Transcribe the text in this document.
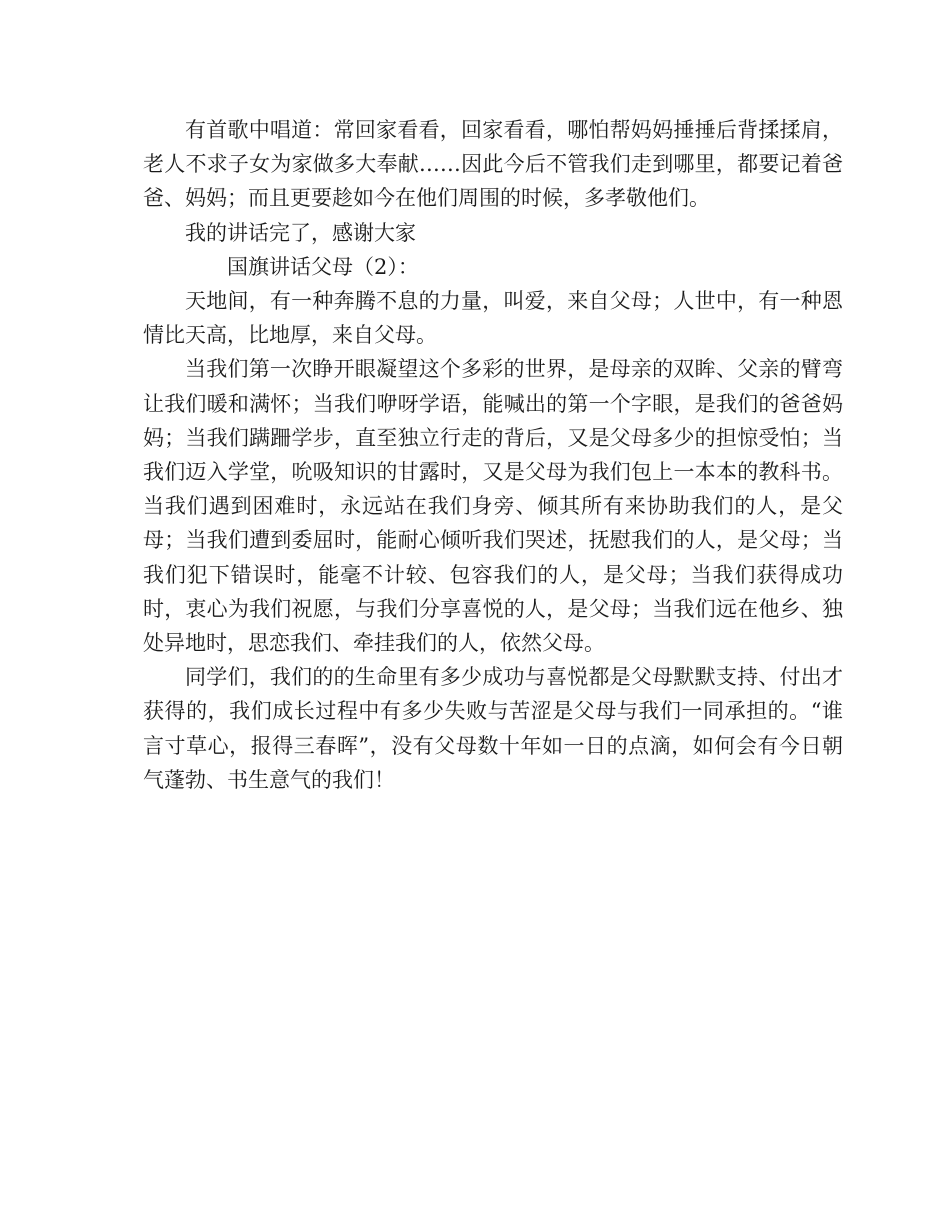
有首歌中唱道：常回家看看，回家看看，哪怕帮妈妈捶捶后背揉揉肩，老人不求子女为家做多大奉献……因此今后不管我们走到哪里，都要记着爸爸、妈妈；而且更要趁如今在他们周围的时候，多孝敬他们。

我的讲话完了，感谢大家

国旗讲话父母（2）：

天地间，有一种奔腾不息的力量，叫爱，来自父母；人世中，有一种恩情比天高，比地厚，来自父母。

当我们第一次睁开眼凝望这个多彩的世界，是母亲的双眸、父亲的臂弯让我们暖和满怀；当我们咿呀学语，能喊出的第一个字眼，是我们的爸爸妈妈；当我们蹒跚学步，直至独立行走的背后，又是父母多少的担惊受怕；当我们迈入学堂，吮吸知识的甘露时，又是父母为我们包上一本本的教科书。当我们遇到困难时，永远站在我们身旁、倾其所有来协助我们的人，是父母；当我们遭到委屈时，能耐心倾听我们哭述，抚慰我们的人，是父母；当我们犯下错误时，能毫不计较、包容我们的人，是父母；当我们获得成功时，衷心为我们祝愿，与我们分享喜悦的人，是父母；当我们远在他乡、独处异地时，思恋我们、牵挂我们的人，依然父母。

同学们，我们的的生命里有多少成功与喜悦都是父母默默支持、付出才获得的，我们成长过程中有多少失败与苦涩是父母与我们一同承担的。“谁言寸草心，报得三春晖”，没有父母数十年如一日的点滴，如何会有今日朝气蓬勃、书生意气的我们！
